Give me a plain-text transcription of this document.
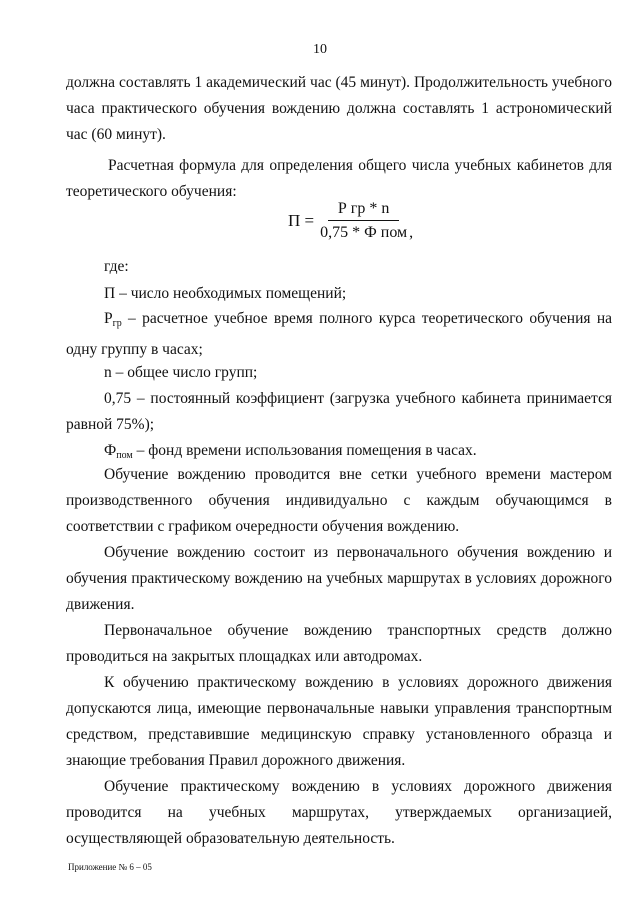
10

должна составлять 1 академический час (45 минут). Продолжительность учебного часа практического обучения вождению должна составлять 1 астрономический час (60 минут).

Расчетная формула для определения общего числа учебных кабинетов для теоретического обучения:

$П = \frac{\text{Р гр * n}}{\text{0,75 * Ф пом}}$ ,
где:
П – число необходимых помещений;
$Р_{гр}$ – расчетное учебное время полного курса теоретического обучения на одну группу в часах;
n – общее число групп;
0,75 – постоянный коэффициент (загрузка учебного кабинета принимается равной 75%);
$Ф_{пом}$ – фонд времени использования помещения в часах.
Обучение вождению проводится вне сетки учебного времени мастером производственного обучения индивидуально с каждым обучающимся в соответствии с графиком очередности обучения вождению.
Обучение вождению состоит из первоначального обучения вождению и обучения практическому вождению на учебных маршрутах в условиях дорожного движения.
Первоначальное обучение вождению транспортных средств должно проводиться на закрытых площадках или автодромах.
К обучению практическому вождению в условиях дорожного движения допускаются лица, имеющие первоначальные навыки управления транспортным средством, представившие медицинскую справку установленного образца и знающие требования Правил дорожного движения.
Обучение практическому вождению в условиях дорожного движения проводится на учебных маршрутах, утверждаемых организацией, осуществляющей образовательную деятельность.
Приложение № 6 – 05
